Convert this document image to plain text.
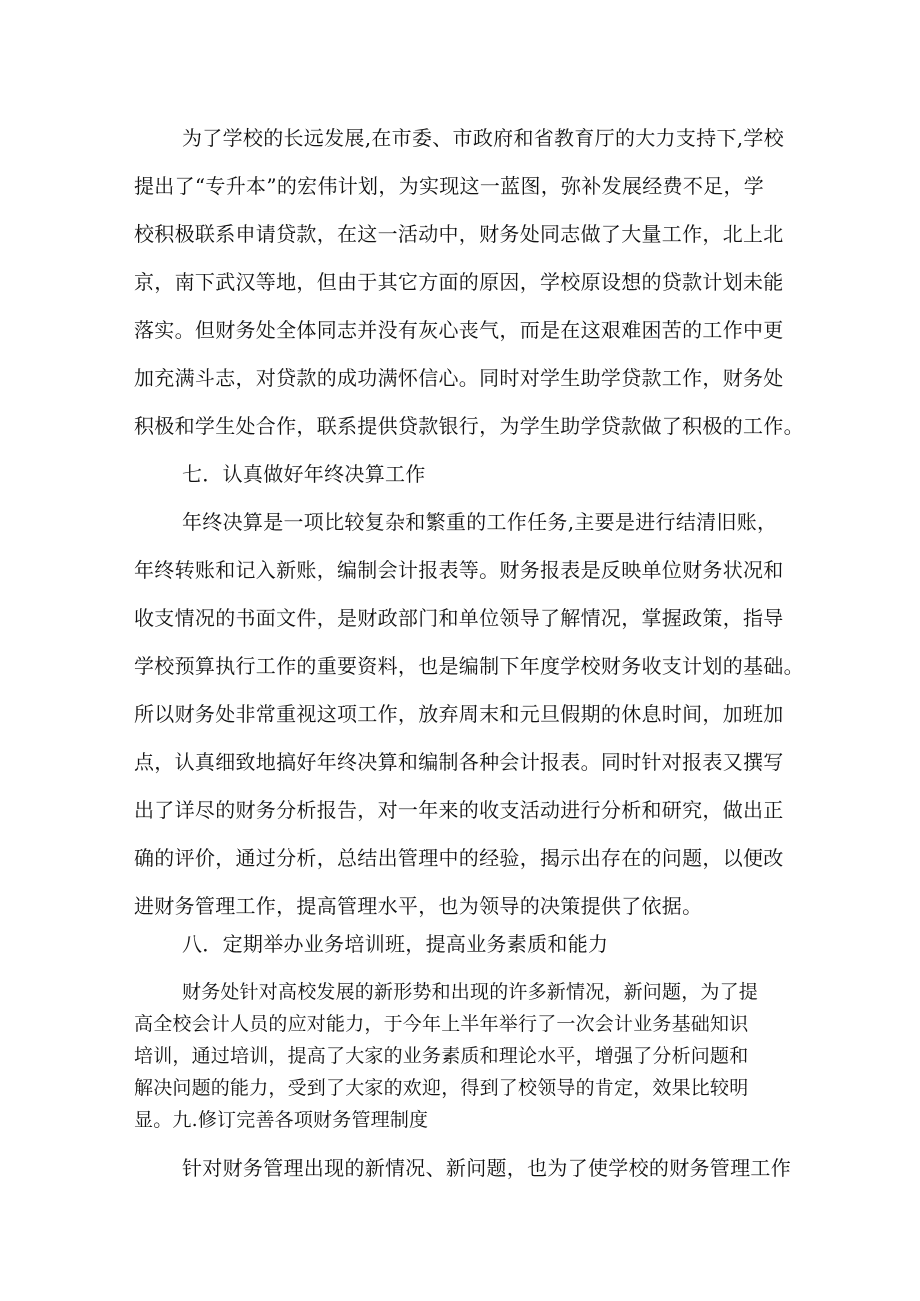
为了学校的长远发展,在市委、市政府和省教育厅的大力支持下,学校

提出了“专升本”的宏伟计划，为实现这一蓝图，弥补发展经费不足，学

校积极联系申请贷款，在这一活动中，财务处同志做了大量工作，北上北

京，南下武汉等地，但由于其它方面的原因，学校原设想的贷款计划未能

落实。但财务处全体同志并没有灰心丧气，而是在这艰难困苦的工作中更

加充满斗志，对贷款的成功满怀信心。同时对学生助学贷款工作，财务处

积极和学生处合作，联系提供贷款银行，为学生助学贷款做了积极的工作。

七．认真做好年终决算工作

年终决算是一项比较复杂和繁重的工作任务,主要是进行结清旧账，

年终转账和记入新账，编制会计报表等。财务报表是反映单位财务状况和

收支情况的书面文件，是财政部门和单位领导了解情况，掌握政策，指导

学校预算执行工作的重要资料，也是编制下年度学校财务收支计划的基础。

所以财务处非常重视这项工作，放弃周末和元旦假期的休息时间，加班加

点，认真细致地搞好年终决算和编制各种会计报表。同时针对报表又撰写

出了详尽的财务分析报告，对一年来的收支活动进行分析和研究，做出正

确的评价，通过分析，总结出管理中的经验，揭示出存在的问题，以便改

进财务管理工作，提高管理水平，也为领导的决策提供了依据。

八．定期举办业务培训班，提高业务素质和能力

财务处针对高校发展的新形势和出现的许多新情况，新问题，为了提

高全校会计人员的应对能力，于今年上半年举行了一次会计业务基础知识

培训，通过培训，提高了大家的业务素质和理论水平，增强了分析问题和

解决问题的能力，受到了大家的欢迎，得到了校领导的肯定，效果比较明

显。九.修订完善各项财务管理制度

针对财务管理出现的新情况、新问题，也为了使学校的财务管理工作
